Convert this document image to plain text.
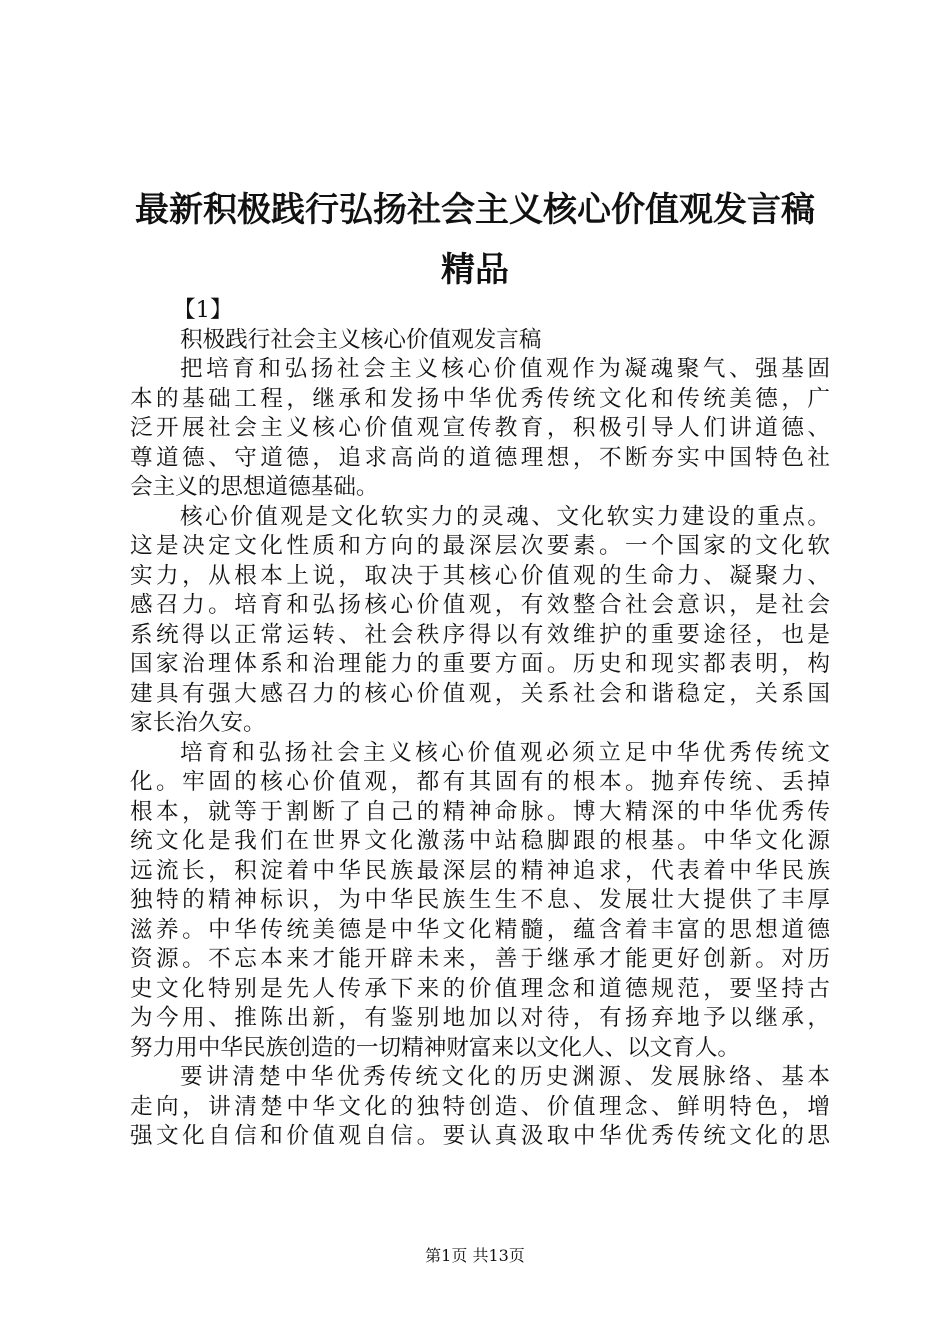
最新积极践行弘扬社会主义核心价值观发言稿
精品
【1】
积极践行社会主义核心价值观发言稿
把培育和弘扬社会主义核心价值观作为凝魂聚气、强基固
本的基础工程，继承和发扬中华优秀传统文化和传统美德，广
泛开展社会主义核心价值观宣传教育，积极引导人们讲道德、
尊道德、守道德，追求高尚的道德理想，不断夯实中国特色社
会主义的思想道德基础。
核心价值观是文化软实力的灵魂、文化软实力建设的重点。
这是决定文化性质和方向的最深层次要素。一个国家的文化软
实力，从根本上说，取决于其核心价值观的生命力、凝聚力、
感召力。培育和弘扬核心价值观，有效整合社会意识，是社会
系统得以正常运转、社会秩序得以有效维护的重要途径，也是
国家治理体系和治理能力的重要方面。历史和现实都表明，构
建具有强大感召力的核心价值观，关系社会和谐稳定，关系国
家长治久安。
培育和弘扬社会主义核心价值观必须立足中华优秀传统文
化。牢固的核心价值观，都有其固有的根本。抛弃传统、丢掉
根本，就等于割断了自己的精神命脉。博大精深的中华优秀传
统文化是我们在世界文化激荡中站稳脚跟的根基。中华文化源
远流长，积淀着中华民族最深层的精神追求，代表着中华民族
独特的精神标识，为中华民族生生不息、发展壮大提供了丰厚
滋养。中华传统美德是中华文化精髓，蕴含着丰富的思想道德
资源。不忘本来才能开辟未来，善于继承才能更好创新。对历
史文化特别是先人传承下来的价值理念和道德规范，要坚持古
为今用、推陈出新，有鉴别地加以对待，有扬弃地予以继承，
努力用中华民族创造的一切精神财富来以文化人、以文育人。
要讲清楚中华优秀传统文化的历史渊源、发展脉络、基本
走向，讲清楚中华文化的独特创造、价值理念、鲜明特色，增
强文化自信和价值观自信。要认真汲取中华优秀传统文化的思
第1页 共13页
